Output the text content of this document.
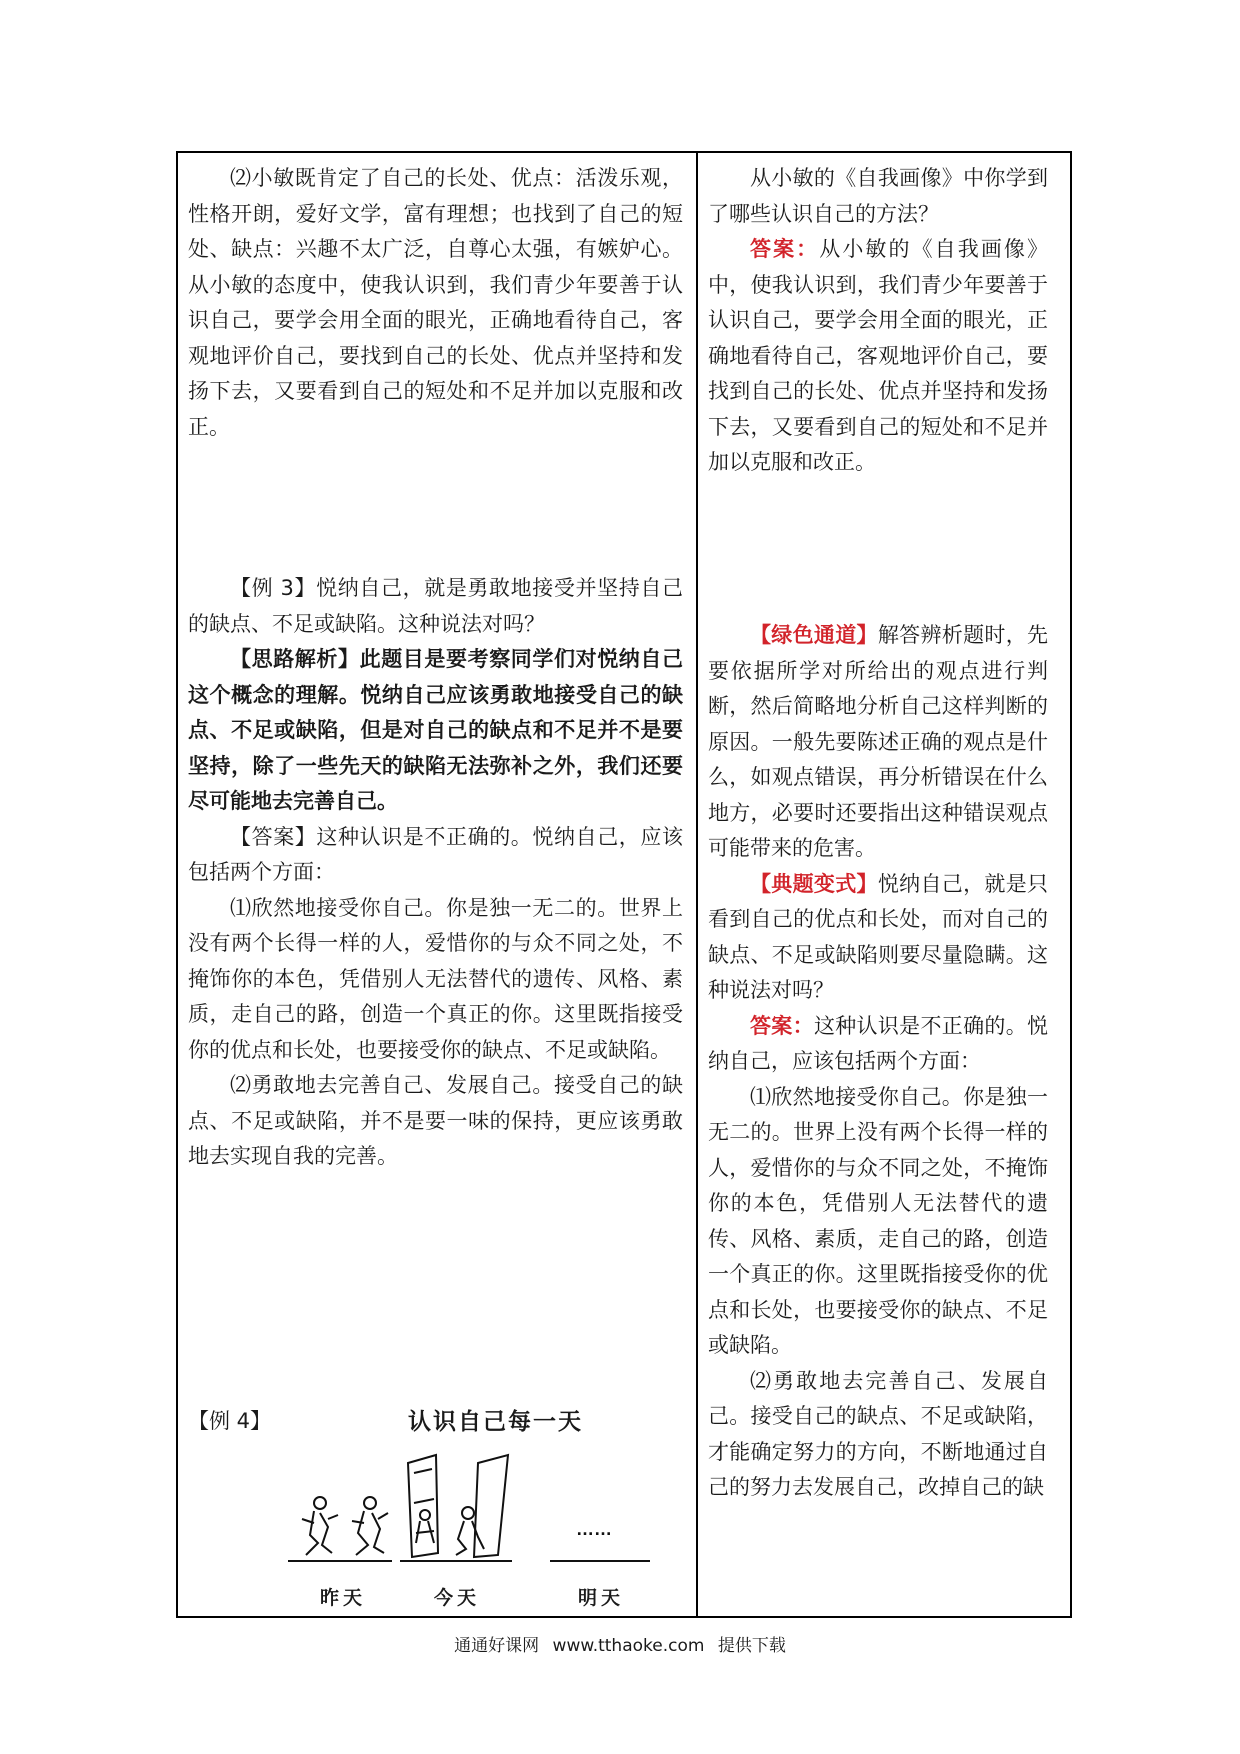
⑵小敏既肯定了自己的长处、优点：活泼乐观，性格开朗，爱好文学，富有理想；也找到了自己的短处、缺点：兴趣不太广泛，自尊心太强，有嫉妒心。从小敏的态度中，使我认识到，我们青少年要善于认识自己，要学会用全面的眼光，正确地看待自己，客观地评价自己，要找到自己的长处、优点并坚持和发扬下去，又要看到自己的短处和不足并加以克服和改正。

【例 3】悦纳自己，就是勇敢地接受并坚持自己的缺点、不足或缺陷。这种说法对吗？

【思路解析】此题目是要考察同学们对悦纳自己这个概念的理解。悦纳自己应该勇敢地接受自己的缺点、不足或缺陷，但是对自己的缺点和不足并不是要坚持，除了一些先天的缺陷无法弥补之外，我们还要尽可能地去完善自己。

【答案】这种认识是不正确的。悦纳自己，应该包括两个方面：

⑴欣然地接受你自己。你是独一无二的。世界上没有两个长得一样的人，爱惜你的与众不同之处，不掩饰你的本色，凭借别人无法替代的遗传、风格、素质，走自己的路，创造一个真正的你。这里既指接受你的优点和长处，也要接受你的缺点、不足或缺陷。

⑵勇敢地去完善自己、发展自己。接受自己的缺点、不足或缺陷，并不是要一味的保持，更应该勇敢地去实现自我的完善。

【例 4】	认识自己每一天
……
昨天	今天	明天

从小敏的《自我画像》中你学到了哪些认识自己的方法？

答案：从小敏的《自我画像》中，使我认识到，我们青少年要善于认识自己，要学会用全面的眼光，正确地看待自己，客观地评价自己，要找到自己的长处、优点并坚持和发扬下去，又要看到自己的短处和不足并加以克服和改正。

【绿色通道】解答辨析题时，先要依据所学对所给出的观点进行判断，然后简略地分析自己这样判断的原因。一般先要陈述正确的观点是什么，如观点错误，再分析错误在什么地方，必要时还要指出这种错误观点可能带来的危害。

【典题变式】悦纳自己，就是只看到自己的优点和长处，而对自己的缺点、不足或缺陷则要尽量隐瞒。这种说法对吗？

答案：这种认识是不正确的。悦纳自己，应该包括两个方面：

⑴欣然地接受你自己。你是独一无二的。世界上没有两个长得一样的人，爱惜你的与众不同之处，不掩饰你的本色，凭借别人无法替代的遗传、风格、素质，走自己的路，创造一个真正的你。这里既指接受你的优点和长处，也要接受你的缺点、不足或缺陷。

⑵勇敢地去完善自己、发展自己。接受自己的缺点、不足或缺陷，才能确定努力的方向，不断地通过自己的努力去发展自己，改掉自己的缺

通通好课网 www.tthaoke.com 提供下载
